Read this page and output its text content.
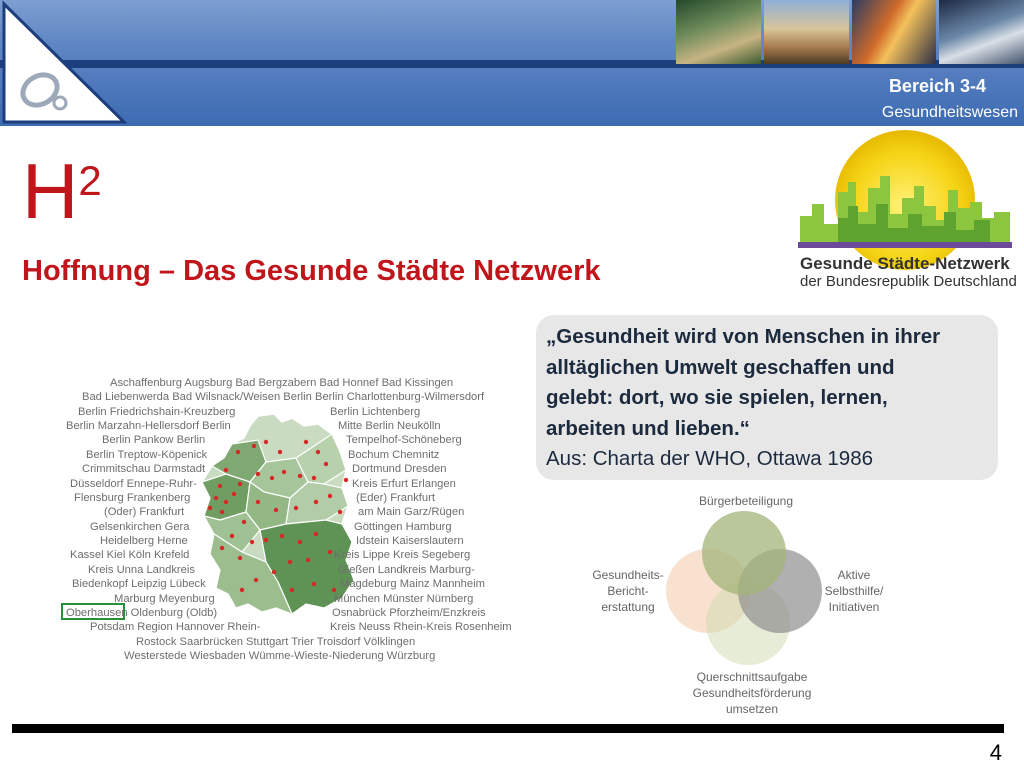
Bereich 3-4
Gesundheitswesen
$H^2$
Hoffnung – Das Gesunde Städte Netzwerk	Gesunde Städte-Netzwerk
der Bundesrepublik Deutschland
„Gesundheit wird von Menschen in ihrer
alltäglichen Umwelt geschaffen und
gelebt: dort, wo sie spielen, lernen,
arbeiten und lieben.“
Aus: Charta der WHO, Ottawa 1986
Aschaffenburg Augsburg Bad Bergzabern Bad Honnef Bad Kissingen
Bad Liebenwerda Bad Wilsnack/Weisen Berlin Berlin Charlottenburg-Wilmersdorf
Berlin Friedrichshain-Kreuzberg
Berlin Marzahn-Hellersdorf Berlin
Berlin Pankow Berlin
Berlin Treptow-Köpenick
Crimmitschau Darmstadt
Düsseldorf Ennepe-Ruhr-
Flensburg Frankenberg
(Oder) Frankfurt
Gelsenkirchen Gera
Heidelberg Herne
Kassel Kiel Köln Krefeld
Kreis Unna Landkreis
Biedenkopf Leipzig Lübeck
Marburg Meyenburg
Oberhausen Oldenburg (Oldb)
Potsdam Region Hannover Rhein-
Rostock Saarbrücken Stuttgart Trier Troisdorf Völklingen
Westerstede Wiesbaden Wümme-Wieste-Niederung Würzburg
Berlin Lichtenberg
Mitte Berlin Neukölln
Tempelhof-Schöneberg
Bochum Chemnitz
Dortmund Dresden
Kreis Erfurt Erlangen
(Eder) Frankfurt
am Main Garz/Rügen
Göttingen Hamburg
Idstein Kaiserslautern
Kreis Lippe Kreis Segeberg
Gießen Landkreis Marburg-
Magdeburg Mainz Mannheim
München Münster Nürnberg
Osnabrück Pforzheim/Enzkreis
Kreis Neuss Rhein-Kreis Rosenheim
Bürgerbeteiligung
Aktive
Selbsthilfe/
Initiativen
Gesundheits-
Bericht-
erstattung
Querschnittsaufgabe
Gesundheitsförderung
umsetzen
4
